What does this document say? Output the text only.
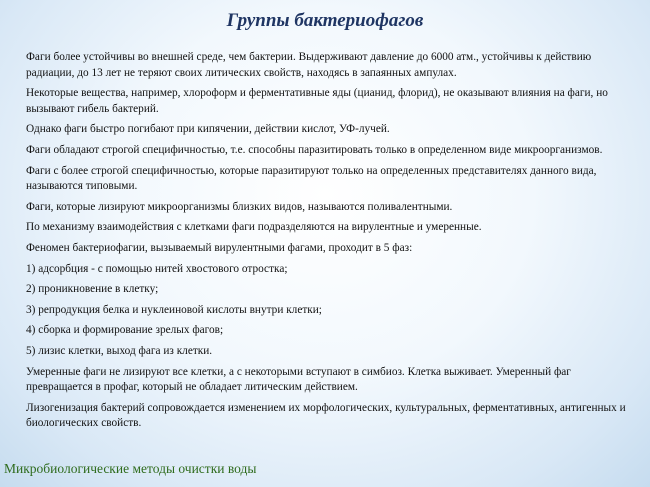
Группы бактериофагов

Фаги более устойчивы во внешней среде, чем бактерии. Выдерживают давление до 6000 атм., устойчивы к действию радиации, до 13 лет не теряют своих литических свойств, находясь в запаянных ампулах.

Некоторые вещества, например, хлороформ и ферментативные яды (цианид, флорид), не оказывают влияния на фаги, но вызывают гибель бактерий.

Однако фаги быстро погибают при кипячении, действии кислот, УФ-лучей.

Фаги обладают строгой специфичностью, т.е. способны паразитировать только в определенном виде микроорганизмов.

Фаги с более строгой специфичностью, которые паразитируют только на определенных представителях данного вида, называются типовыми.

Фаги, которые лизируют микроорганизмы близких видов, называются поливалентными.

По механизму взаимодействия с клетками фаги подразделяются на вирулентные и умеренные.

Феномен бактериофагии, вызываемый вирулентными фагами, проходит в 5 фаз:

1) адсорбция - с помощью нитей хвостового отростка;

2) проникновение в клетку;

3) репродукция белка и нуклеиновой кислоты внутри клетки;

4) сборка и формирование зрелых фагов;

5) лизис клетки, выход фага из клетки.

Умеренные фаги не лизируют все клетки, а с некоторыми вступают в симбиоз. Клетка выживает. Умеренный фаг превращается в профаг, который не обладает литическим действием.

Лизогенизация бактерий сопровождается изменением их морфологических, культуральных, ферментативных, антигенных и биологических свойств.

Микробиологические методы очистки воды
